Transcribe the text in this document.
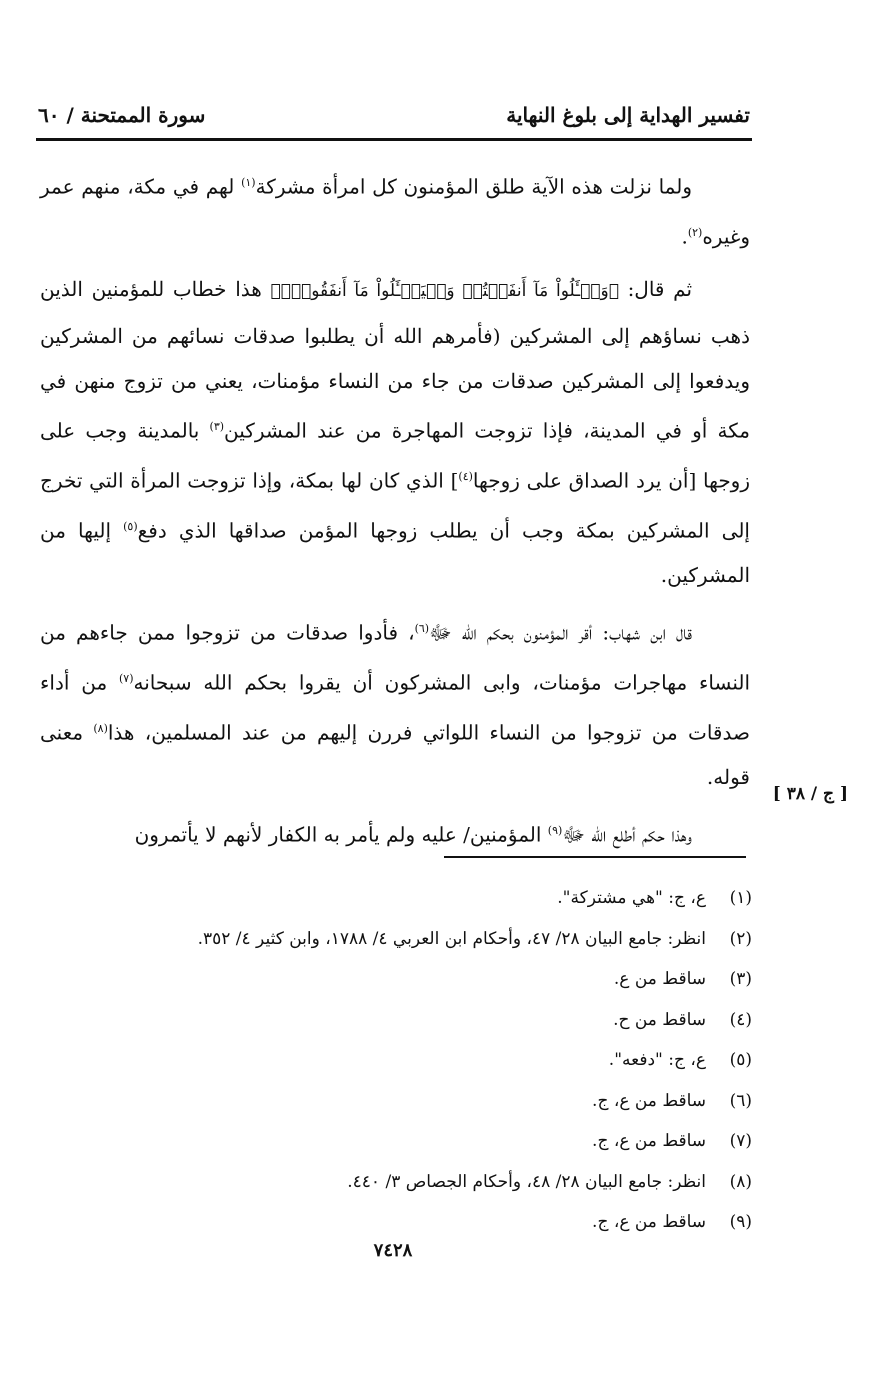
تفسير الهداية إلى بلوغ النهاية
سورة الممتحنة / ٦٠

ولما نزلت هذه الآية طلق المؤمنون كل امرأة مشركة$^{(١)}$ لهم في مكة، منهم عمر وغيره$^{(٢)}$.

ثم قال: ﴿وَسۡـَٔلُواْ مَآ أَنفَقۡتُمۡ وَلۡيَسۡـَٔلُواْ مَآ أَنفَقُواْۚ﴾ هذا خطاب للمؤمنين الذين ذهب نساؤهم إلى المشركين (فأمرهم الله أن يطلبوا صدقات نسائهم من المشركين ويدفعوا إلى المشركين صدقات من جاء من النساء مؤمنات، يعني من تزوج منهن في مكة أو في المدينة، فإذا تزوجت المهاجرة من عند المشركين$^{(٣)}$ بالمدينة وجب على زوجها [أن يرد الصداق على زوجها$^{(٤)}$] الذي كان لها بمكة، وإذا تزوجت المرأة التي تخرج إلى المشركين بمكة وجب أن يطلب زوجها المؤمن صداقها الذي دفع$^{(٥)}$ إليها من المشركين.

قال ابن شهاب: أقر المؤمنون بحكم الله ﷻ$^{(٦)}$، فأدوا صدقات من تزوجوا ممن جاءهم من النساء مهاجرات مؤمنات، وابى المشركون أن يقروا بحكم الله سبحانه$^{(٧)}$ من أداء صدقات من تزوجوا من النساء اللواتي فررن إليهم من عند المسلمين، هذا$^{(٨)}$ معنى قوله.

وهذا حكم أطلع الله ﷻ$^{(٩)}$ المؤمنين/ عليه ولم يأمر به الكفار لأنهم لا يأتمرون

[ ج / ٣٨ ]
(١)
ع، ج: "هي مشتركة".
(٢)
انظر: جامع البيان ٢٨/ ٤٧، وأحكام ابن العربي ٤/ ١٧٨٨، وابن كثير ٤/ ٣٥٢.
(٣)
ساقط من ع.
(٤)
ساقط من ح.
(٥)
ع، ج: "دفعه".
(٦)
ساقط من ع، ج.
(٧)
ساقط من ع، ج.
(٨)
انظر: جامع البيان ٢٨/ ٤٨، وأحكام الجصاص ٣/ ٤٤٠.
(٩)
ساقط من ع، ج.
٧٤٢٨
